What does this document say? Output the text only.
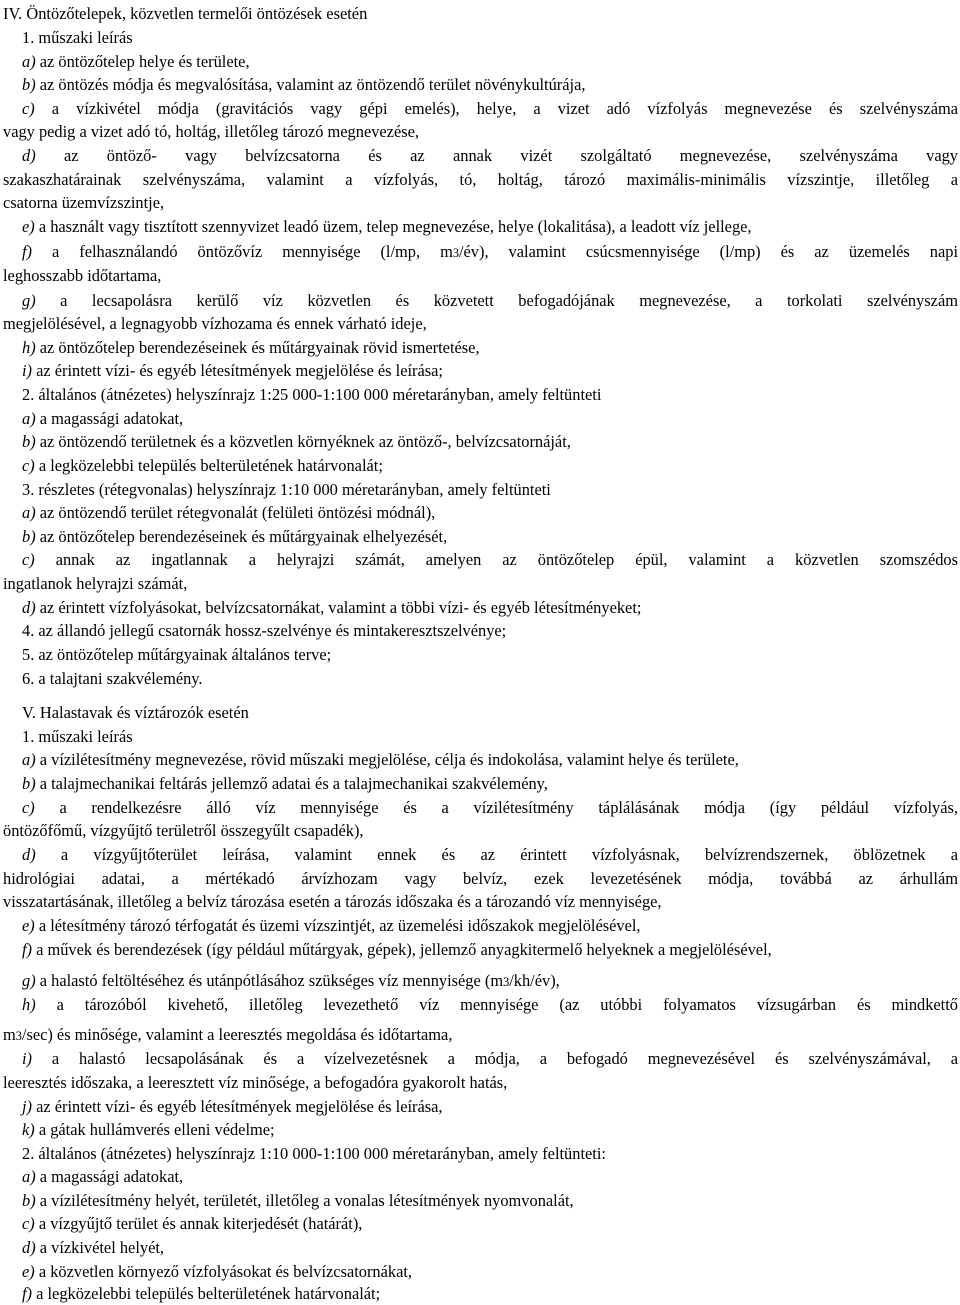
IV. Öntözőtelepek, közvetlen termelői öntözések esetén
1. műszaki leírás
a) az öntözőtelep helye és területe,
b) az öntözés módja és megvalósítása, valamint az öntözendő terület növénykultúrája,
c) a vízkivétel módja (gravitációs vagy gépi emelés), helye, a vizet adó vízfolyás megnevezése és szelvényszáma
vagy pedig a vizet adó tó, holtág, illetőleg tározó megnevezése,
d) az öntöző- vagy belvízcsatorna és az annak vizét szolgáltató megnevezése, szelvényszáma vagy
szakaszhatárainak szelvényszáma, valamint a vízfolyás, tó, holtág, tározó maximális-minimális vízszintje, illetőleg a
csatorna üzemvízszintje,
e) a használt vagy tisztított szennyvizet leadó üzem, telep megnevezése, helye (lokalitása), a leadott víz jellege,
f) a felhasználandó öntözővíz mennyisége (l/mp, $m^3/év$), valamint csúcsmennyisége (l/mp) és az üzemelés napi
leghosszabb időtartama,
g) a lecsapolásra kerülő víz közvetlen és közvetett befogadójának megnevezése, a torkolati szelvényszám
megjelölésével, a legnagyobb vízhozama és ennek várható ideje,
h) az öntözőtelep berendezéseinek és műtárgyainak rövid ismertetése,
i) az érintett vízi- és egyéb létesítmények megjelölése és leírása;
2. általános (átnézetes) helyszínrajz 1:25 000-1:100 000 méretarányban, amely feltünteti
a) a magassági adatokat,
b) az öntözendő területnek és a közvetlen környéknek az öntöző-, belvízcsatornáját,
c) a legközelebbi település belterületének határvonalát;
3. részletes (rétegvonalas) helyszínrajz 1:10 000 méretarányban, amely feltünteti
a) az öntözendő terület rétegvonalát (felületi öntözési módnál),
b) az öntözőtelep berendezéseinek és műtárgyainak elhelyezését,
c) annak az ingatlannak a helyrajzi számát, amelyen az öntözőtelep épül, valamint a közvetlen szomszédos
ingatlanok helyrajzi számát,
d) az érintett vízfolyásokat, belvízcsatornákat, valamint a többi vízi- és egyéb létesítményeket;
4. az állandó jellegű csatornák hossz-szelvénye és mintakeresztszelvénye;
5. az öntözőtelep műtárgyainak általános terve;
6. a talajtani szakvélemény.
V. Halastavak és víztározók esetén
1. műszaki leírás
a) a vízilétesítmény megnevezése, rövid műszaki megjelölése, célja és indokolása, valamint helye és területe,
b) a talajmechanikai feltárás jellemző adatai és a talajmechanikai szakvélemény,
c) a rendelkezésre álló víz mennyisége és a vízilétesítmény táplálásának módja (így például vízfolyás,
öntözőfőmű, vízgyűjtő területről összegyűlt csapadék),
d) a vízgyűjtőterület leírása, valamint ennek és az érintett vízfolyásnak, belvízrendszernek, öblözetnek a
hidrológiai adatai, a mértékadó árvízhozam vagy belvíz, ezek levezetésének módja, továbbá az árhullám
visszatartásának, illetőleg a belvíz tározása esetén a tározás időszaka és a tározandó víz mennyisége,
e) a létesítmény tározó térfogatát és üzemi vízszintjét, az üzemelési időszakok megjelölésével,
f) a művek és berendezések (így például műtárgyak, gépek), jellemző anyagkitermelő helyeknek a megjelölésével,
g) a halastó feltöltéséhez és utánpótlásához szükséges víz mennyisége $(m^3/kh/év)$,
h) a tározóból kivehető, illetőleg levezethető víz mennyisége (az utóbbi folyamatos vízsugárban és mindkettő
$m^3/\sec$) és minősége, valamint a leeresztés megoldása és időtartama,
i) a halastó lecsapolásának és a vízelvezetésnek a módja, a befogadó megnevezésével és szelvényszámával, a
leeresztés időszaka, a leeresztett víz minősége, a befogadóra gyakorolt hatás,
j) az érintett vízi- és egyéb létesítmények megjelölése és leírása,
k) a gátak hullámverés elleni védelme;
2. általános (átnézetes) helyszínrajz 1:10 000-1:100 000 méretarányban, amely feltünteti:
a) a magassági adatokat,
b) a vízilétesítmény helyét, területét, illetőleg a vonalas létesítmények nyomvonalát,
c) a vízgyűjtő terület és annak kiterjedését (határát),
d) a vízkivétel helyét,
e) a közvetlen környező vízfolyásokat és belvízcsatornákat,
f) a legközelebbi település belterületének határvonalát;
